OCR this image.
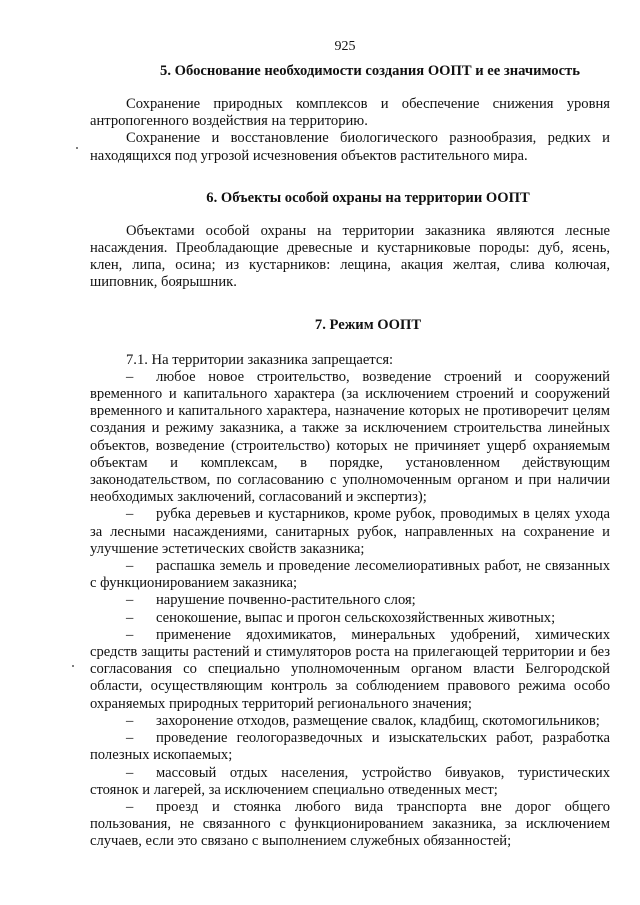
925
5. Обоснование необходимости создания ООПТ и ее значимость

Сохранение природных комплексов и обеспечение снижения уровня антропогенного воздействия на территорию.

Сохранение и восстановление биологического разнообразия, редких и находящихся под угрозой исчезновения объектов растительного мира.

6. Объекты особой охраны на территории ООПТ

Объектами особой охраны на территории заказника являются лесные насаждения. Преобладающие древесные и кустарниковые породы: дуб, ясень, клен, липа, осина; из кустарников: лещина, акация желтая, слива колючая, шиповник, боярышник.

7. Режим ООПТ

7.1. На территории заказника запрещается:

– любое новое строительство, возведение строений и сооружений временного и капитального характера (за исключением строений и сооружений временного и капитального характера, назначение которых не противоречит целям создания и режиму заказника, а также за исключением строительства линейных объектов, возведение (строительство) которых не причиняет ущерб охраняемым объектам и комплексам, в порядке, установленном действующим законодательством, по согласованию с уполномоченным органом и при наличии необходимых заключений, согласований и экспертиз);

– рубка деревьев и кустарников, кроме рубок, проводимых в целях ухода за лесными насаждениями, санитарных рубок, направленных на сохранение и улучшение эстетических свойств заказника;

– распашка земель и проведение лесомелиоративных работ, не связанных с функционированием заказника;

– нарушение почвенно-растительного слоя;

– сенокошение, выпас и прогон сельскохозяйственных животных;

– применение ядохимикатов, минеральных удобрений, химических средств защиты растений и стимуляторов роста на прилегающей территории и без согласования со специально уполномоченным органом власти Белгородской области, осуществляющим контроль за соблюдением правового режима особо охраняемых природных территорий регионального значения;

– захоронение отходов, размещение свалок, кладбищ, скотомогильников;

– проведение геологоразведочных и изыскательских работ, разработка полезных ископаемых;

– массовый отдых населения, устройство бивуаков, туристических стоянок и лагерей, за исключением специально отведенных мест;

– проезд и стоянка любого вида транспорта вне дорог общего пользования, не связанного с функционированием заказника, за исключением случаев, если это связано с выполнением служебных обязанностей;
